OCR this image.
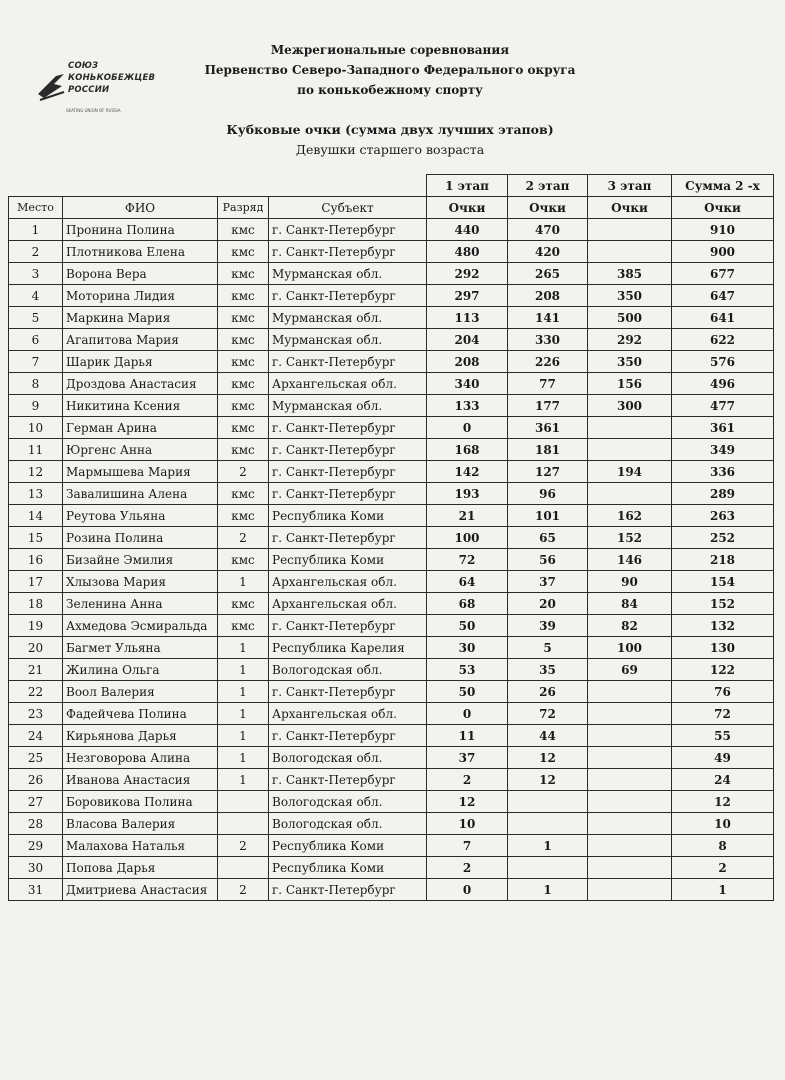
СОЮЗ
КОНЬКОБЕЖЦЕВ
РОССИИ
SKATING UNION OF RUSSIA
Межрегиональные соревнования
Первенство Северо-Западного Федерального округа
по конькобежному спорту
Кубковые очки (сумма двух лучших этапов)
Девушки старшего возраста
				1 этап	2 этап	3 этап	Сумма 2 -х
Место	ФИО	Разряд	Субъект	Очки	Очки	Очки	Очки
1	Пронина Полина	кмс	г. Санкт-Петербург	440	470		910
2	Плотникова Елена	кмс	г. Санкт-Петербург	480	420		900
3	Ворона Вера	кмс	Мурманская обл.	292	265	385	677
4	Моторина Лидия	кмс	г. Санкт-Петербург	297	208	350	647
5	Маркина Мария	кмс	Мурманская обл.	113	141	500	641
6	Агапитова Мария	кмс	Мурманская обл.	204	330	292	622
7	Шарик Дарья	кмс	г. Санкт-Петербург	208	226	350	576
8	Дроздова Анастасия	кмс	Архангельская обл.	340	77	156	496
9	Никитина Ксения	кмс	Мурманская обл.	133	177	300	477
10	Герман Арина	кмс	г. Санкт-Петербург	0	361		361
11	Юргенс Анна	кмс	г. Санкт-Петербург	168	181		349
12	Мармышева Мария	2	г. Санкт-Петербург	142	127	194	336
13	Завалишина Алена	кмс	г. Санкт-Петербург	193	96		289
14	Реутова Ульяна	кмс	Республика Коми	21	101	162	263
15	Розина Полина	2	г. Санкт-Петербург	100	65	152	252
16	Бизайне Эмилия	кмс	Республика Коми	72	56	146	218
17	Хлызова Мария	1	Архангельская обл.	64	37	90	154
18	Зеленина Анна	кмс	Архангельская обл.	68	20	84	152
19	Ахмедова Эсмиральда	кмс	г. Санкт-Петербург	50	39	82	132
20	Багмет Ульяна	1	Республика Карелия	30	5	100	130
21	Жилина Ольга	1	Вологодская обл.	53	35	69	122
22	Воол Валерия	1	г. Санкт-Петербург	50	26		76
23	Фадейчева Полина	1	Архангельская обл.	0	72		72
24	Кирьянова Дарья	1	г. Санкт-Петербург	11	44		55
25	Незговорова Алина	1	Вологодская обл.	37	12		49
26	Иванова Анастасия	1	г. Санкт-Петербург	2	12		24
27	Боровикова Полина		Вологодская обл.	12			12
28	Власова Валерия		Вологодская обл.	10			10
29	Малахова Наталья	2	Республика Коми	7	1		8
30	Попова Дарья		Республика Коми	2			2
31	Дмитриева Анастасия	2	г. Санкт-Петербург	0	1		1
